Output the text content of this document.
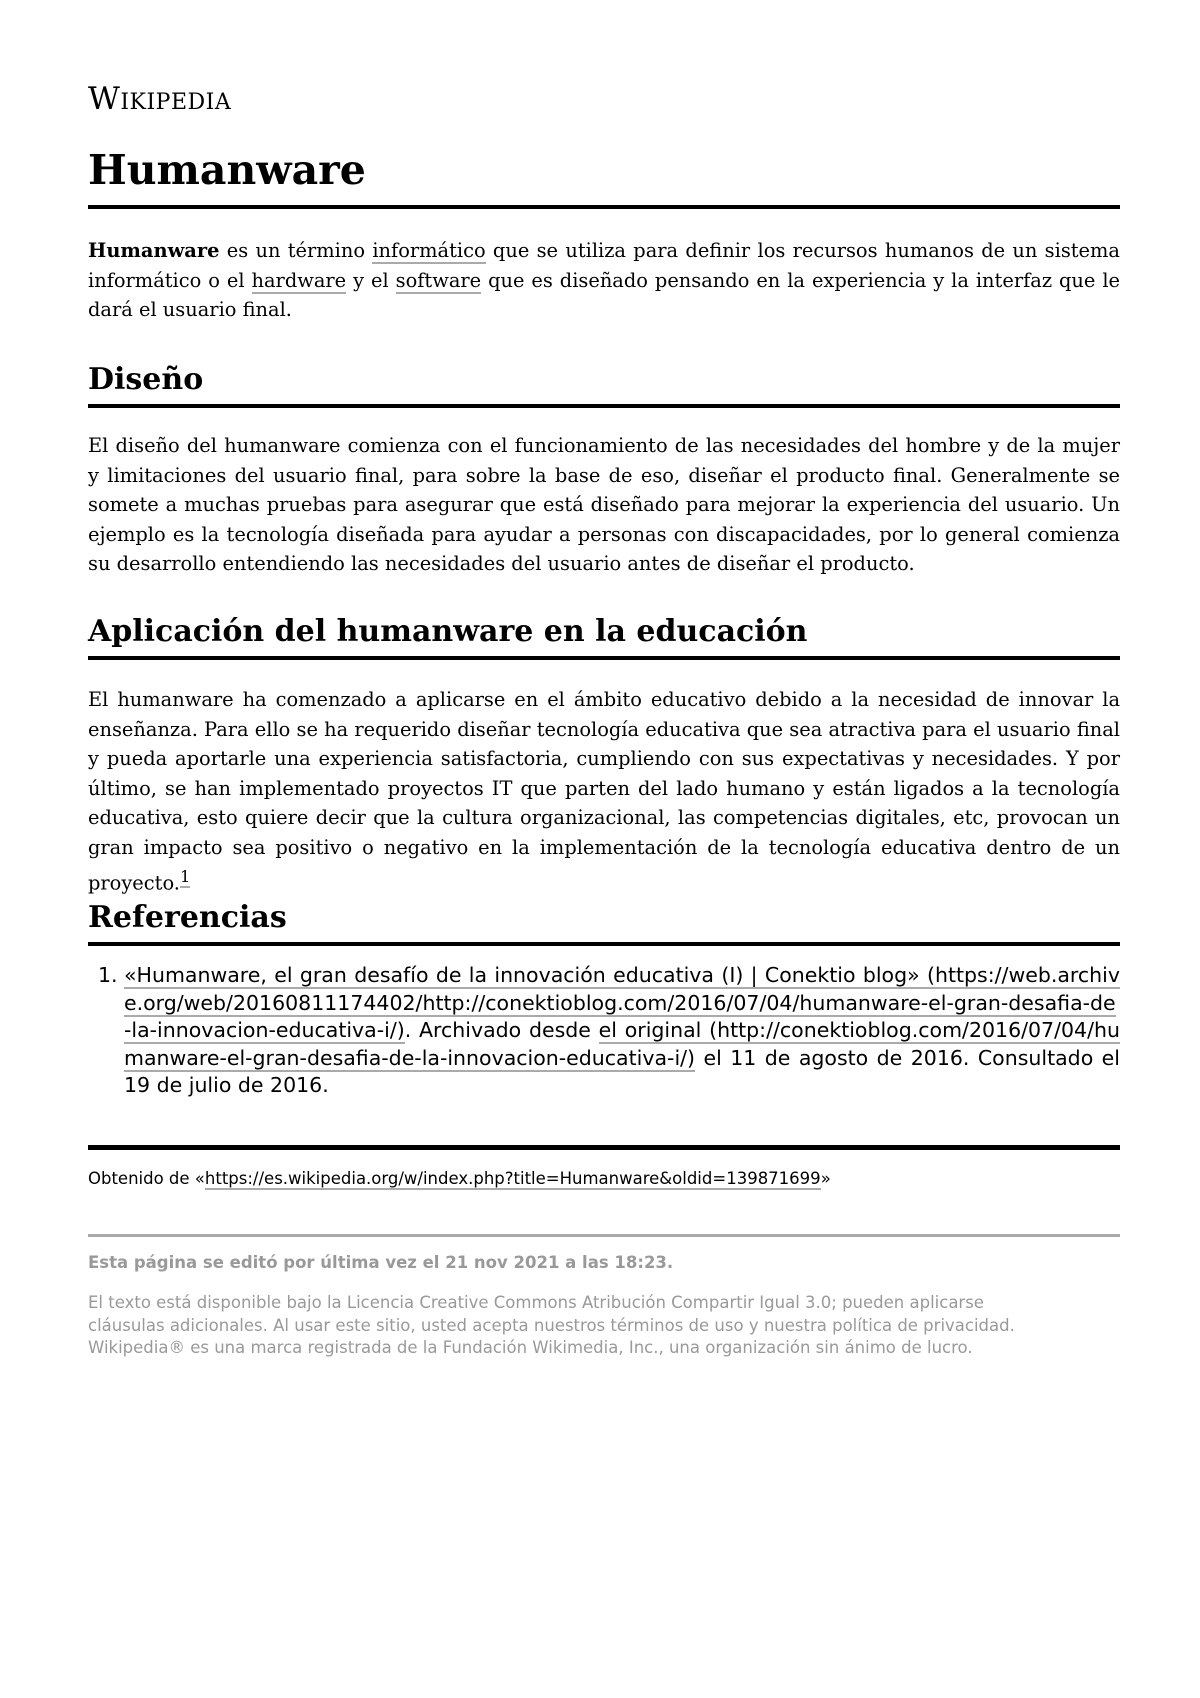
Wikipedia
Humanware

Humanware es un término informático que se utiliza para definir los recursos humanos de un sistema informático o el hardware y el software que es diseñado pensando en la experiencia y la interfaz que le dará el usuario final.

Diseño

El diseño del humanware comienza con el funcionamiento de las necesidades del hombre y de la mujer y limitaciones del usuario final, para sobre la base de eso, diseñar el producto final. Generalmente se somete a muchas pruebas para asegurar que está diseñado para mejorar la experiencia del usuario. Un ejemplo es la tecnología diseñada para ayudar a personas con discapacidades, por lo general comienza su desarrollo entendiendo las necesidades del usuario antes de diseñar el producto.

Aplicación del humanware en la educación

El humanware ha comenzado a aplicarse en el ámbito educativo debido a la necesidad de innovar la enseñanza. Para ello se ha requerido diseñar tecnología educativa que sea atractiva para el usuario final y pueda aportarle una experiencia satisfactoria, cumpliendo con sus expectativas y necesidades. Y por último, se han implementado proyectos IT que parten del lado humano y están ligados a la tecnología educativa, esto quiere decir que la cultura organizacional, las competencias digitales, etc, provocan un gran impacto sea positivo o negativo en la implementación de la tecnología educativa dentro de un proyecto.$^1$

Referencias
1. «Humanware, el gran desafío de la innovación educativa (I) | Conektio blog» (https://web.archive.org/web/20160811174402/http://conektioblog.com/2016/07/04/humanware-el-gran-desafia-de-la-innovacion-educativa-i/). Archivado desde el original (http://conektioblog.com/2016/07/04/humanware-el-gran-desafia-de-la-innovacion-educativa-i/) el 11 de agosto de 2016. Consultado el 19 de julio de 2016.
Obtenido de «https://es.wikipedia.org/w/index.php?title=Humanware&oldid=139871699»
Esta página se editó por última vez el 21 nov 2021 a las 18:23.
El texto está disponible bajo la Licencia Creative Commons Atribución Compartir Igual 3.0; pueden aplicarse
cláusulas adicionales. Al usar este sitio, usted acepta nuestros términos de uso y nuestra política de privacidad.
Wikipedia® es una marca registrada de la Fundación Wikimedia, Inc., una organización sin ánimo de lucro.
